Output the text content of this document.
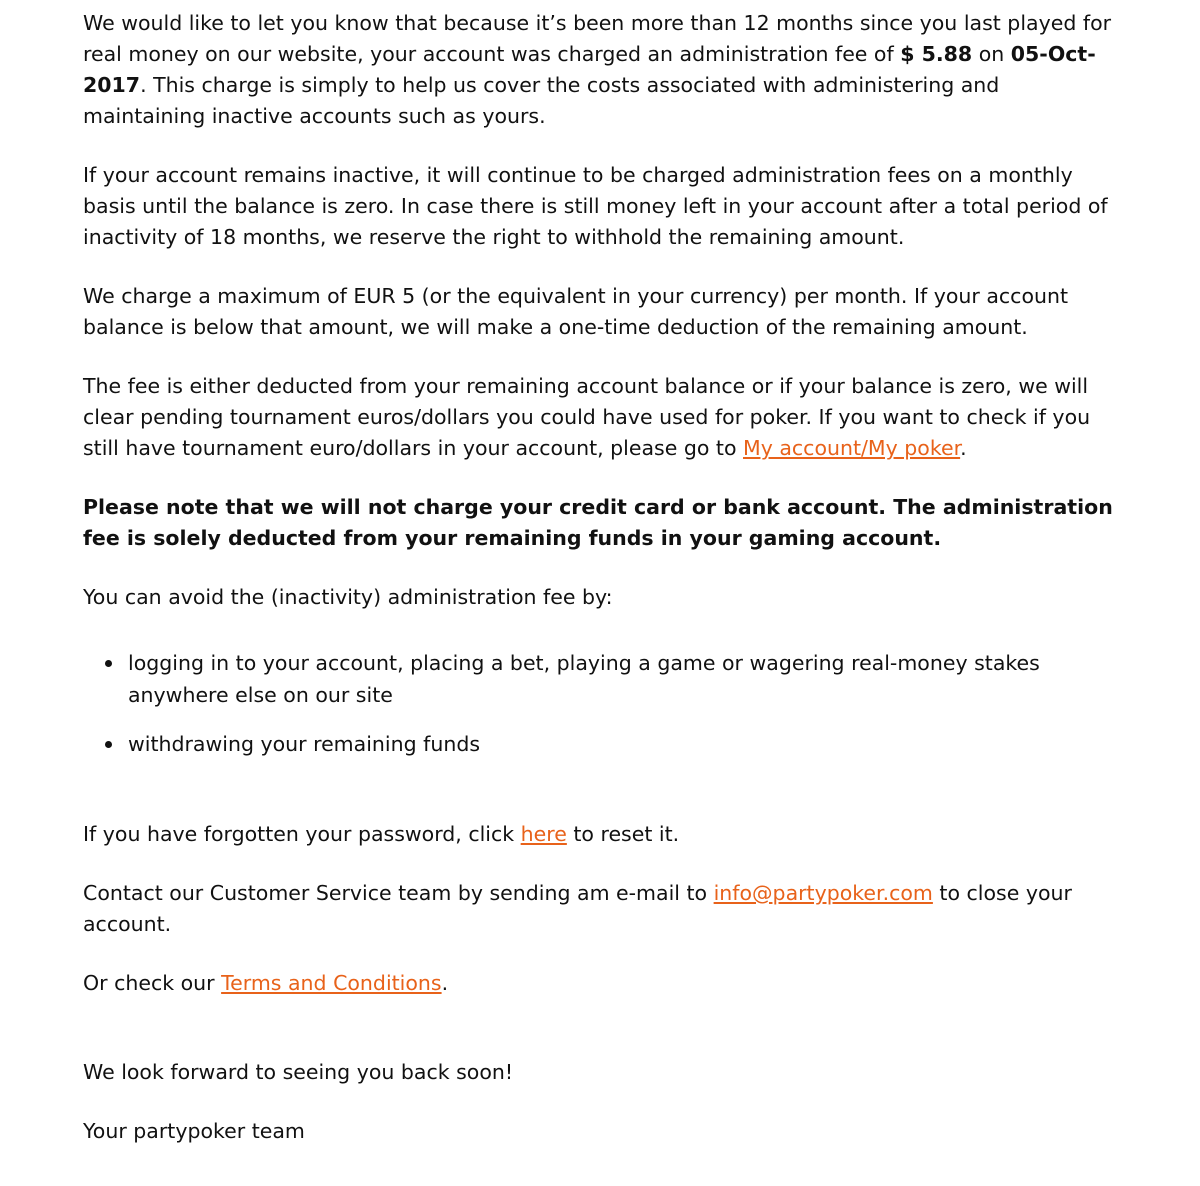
We would like to let you know that because it’s been more than 12 months since you last played for real money on our website, your account was charged an administration fee of $ 5.88 on 05-Oct-2017. This charge is simply to help us cover the costs associated with administering and maintaining inactive accounts such as yours.

If your account remains inactive, it will continue to be charged administration fees on a monthly basis until the balance is zero. In case there is still money left in your account after a total period of inactivity of 18 months, we reserve the right to withhold the remaining amount.

We charge a maximum of EUR 5 (or the equivalent in your currency) per month. If your account balance is below that amount, we will make a one-time deduction of the remaining amount.

The fee is either deducted from your remaining account balance or if your balance is zero, we will clear pending tournament euros/dollars you could have used for poker. If you want to check if you still have tournament euro/dollars in your account, please go to My account/My poker.

Please note that we will not charge your credit card or bank account. The administration fee is solely deducted from your remaining funds in your gaming account.

You can avoid the (inactivity) administration fee by:

logging in to your account, placing a bet, playing a game or wagering real-money stakes anywhere else on our site
withdrawing your remaining funds

If you have forgotten your password, click here to reset it.

Contact our Customer Service team by sending am e-mail to info@partypoker.com to close your account.

Or check our Terms and Conditions.

We look forward to seeing you back soon!

Your partypoker team
